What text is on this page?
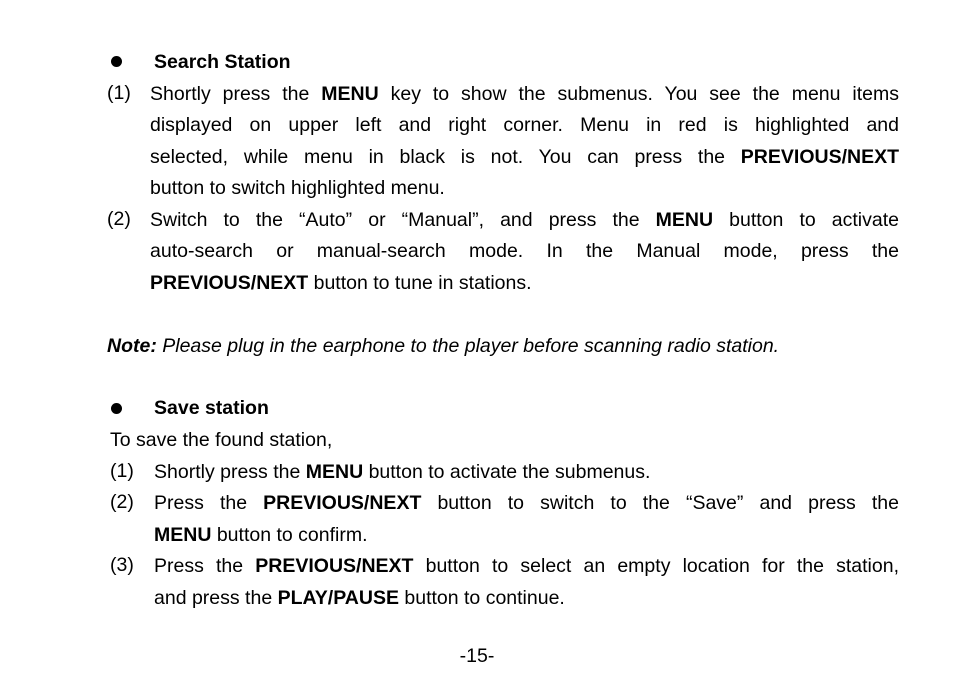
Search Station
(1) Shortly press the MENU key to show the submenus. You see the menu items
displayed on upper left and right corner. Menu in red is highlighted and
selected, while menu in black is not. You can press the PREVIOUS/NEXT
button to switch highlighted menu.
(2) Switch to the “Auto” or “Manual”, and press the MENU button to activate
auto-search or manual-search mode. In the Manual mode, press the
PREVIOUS/NEXT button to tune in stations.
Note: Please plug in the earphone to the player before scanning radio station.
Save station
To save the found station,
(1) Shortly press the MENU button to activate the submenus.
(2) Press the PREVIOUS/NEXT button to switch to the “Save” and press the
MENU button to confirm.
(3) Press the PREVIOUS/NEXT button to select an empty location for the station,
and press the PLAY/PAUSE button to continue.
-15-
